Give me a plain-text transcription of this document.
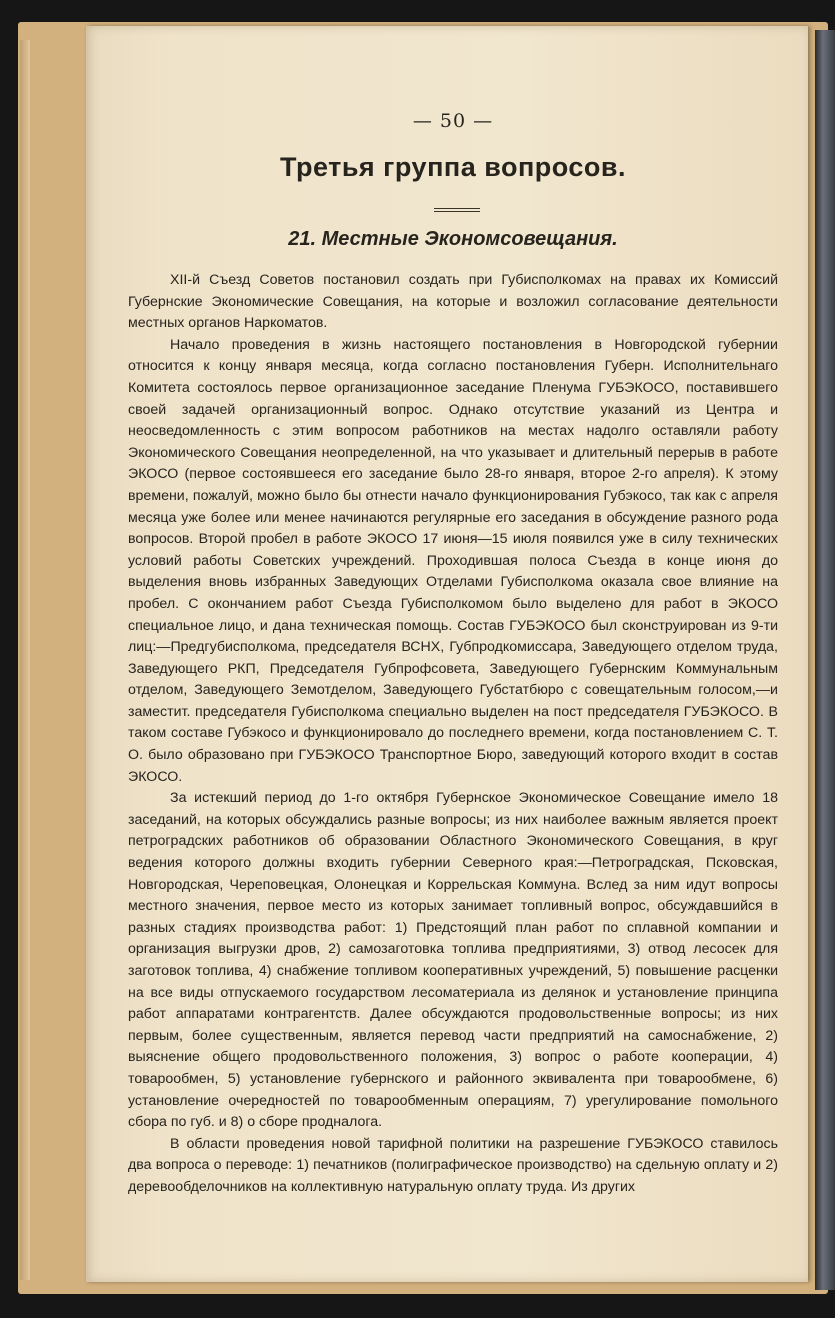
— 50 —
Третья группа вопросов.
21. Местные Экономсовещания.

XII-й Съезд Советов постановил создать при Губисполкомах на правах их Комиссий Губернские Экономические Совещания, на которые и возложил согласование деятельности местных органов Наркоматов.

Начало проведения в жизнь настоящего постановления в Новгородской губернии относится к концу января месяца, когда согласно постановления Губерн. Исполнительнаго Комитета состоялось первое организационное заседание Пленума ГУБЭКОСО, поставившего своей задачей организационный вопрос. Однако отсутствие указаний из Центра и неосведомленность с этим вопросом работников на местах надолго оставляли работу Экономического Совещания неопределенной, на что указывает и длительный перерыв в работе ЭКОСО (первое состоявшееся его заседание было 28-го января, второе 2-го апреля). К этому времени, пожалуй, можно было бы отнести начало функционирования Губэкосо, так как с апреля месяца уже более или менее начинаются регулярные его заседания в обсуждение разного рода вопросов. Второй пробел в работе ЭКОСО 17 июня—15 июля появился уже в силу технических условий работы Советских учреждений. Проходившая полоса Съезда в конце июня до выделения вновь избранных Заведующих Отделами Губисполкома оказала свое влияние на пробел. С окончанием работ Съезда Губисполкомом было выделено для работ в ЭКОСО специальное лицо, и дана техническая помощь. Состав ГУБЭКОСО был сконструирован из 9-ти лиц:—Предгубисполкома, председателя ВСНХ, Губпродкомиссара, Заведующего отделом труда, Заведующего РКП, Председателя Губпрофсовета, Заведующего Губернским Коммунальным отделом, Заведующего Земотделом, Заведующего Губстатбюро с совещательным голосом,—и заместит. председателя Губисполкома специально выделен на пост председателя ГУБЭКОСО. В таком составе Губэкосо и функционировало до последнего времени, когда постановлением С. Т. О. было образовано при ГУБЭКОСО Транспортное Бюро, заведующий которого входит в состав ЭКОСО.

За истекший период до 1-го октября Губернское Экономическое Совещание имело 18 заседаний, на которых обсуждались разные вопросы; из них наиболее важным является проект петроградских работников об образовании Областного Экономического Совещания, в круг ведения которого должны входить губернии Северного края:—Петроградская, Псковская, Новгородская, Череповецкая, Олонецкая и Коррельская Коммуна. Вслед за ним идут вопросы местного значения, первое место из которых занимает топливный вопрос, обсуждавшийся в разных стадиях производства работ: 1) Предстоящий план работ по сплавной компании и организация выгрузки дров, 2) самозаготовка топлива предприятиями, 3) отвод лесосек для заготовок топлива, 4) снабжение топливом кооперативных учреждений, 5) повышение расценки на все виды отпускаемого государством лесоматериала из делянок и установление принципа работ аппаратами контрагентств. Далее обсуждаются продовольственные вопросы; из них первым, более существенным, является перевод части предприятий на самоснабжение, 2) выяснение общего продовольственного положения, 3) вопрос о работе кооперации, 4) товарообмен, 5) установление губернского и районного эквивалента при товарообмене, 6) установление очередностей по товарообменным операциям, 7) урегулирование помольного сбора по губ. и 8) о сборе продналога.

В области проведения новой тарифной политики на разрешение ГУБЭКОСО ставилось два вопроса о переводе: 1) печатников (полиграфическое производство) на сдельную оплату и 2) деревообделочников на коллективную натуральную оплату труда. Из других
